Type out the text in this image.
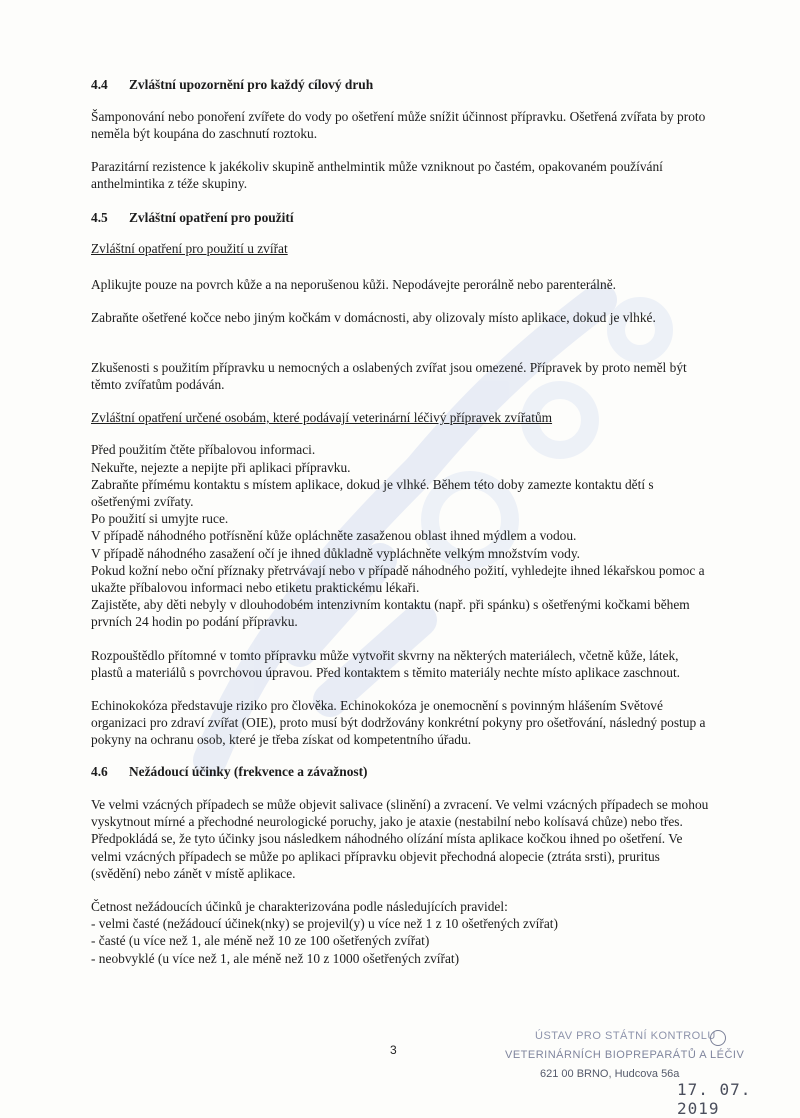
4.4 Zvláštní upozornění pro každý cílový druh

Šamponování nebo ponoření zvířete do vody po ošetření může snížit účinnost přípravku. Ošetřená zvířata by proto neměla být koupána do zaschnutí roztoku.

Parazitární rezistence k jakékoliv skupině anthelmintik může vzniknout po častém, opakovaném používání anthelmintika z téže skupiny.

4.5 Zvláštní opatření pro použití

Zvláštní opatření pro použití u zvířat

Aplikujte pouze na povrch kůže a na neporušenou kůži. Nepodávejte perorálně nebo parenterálně.

Zabraňte ošetřené kočce nebo jiným kočkám v domácnosti, aby olizovaly místo aplikace, dokud je vlhké.

Zkušenosti s použitím přípravku u nemocných a oslabených zvířat jsou omezené. Přípravek by proto neměl být těmto zvířatům podáván.

Zvláštní opatření určené osobám, které podávají veterinární léčivý přípravek zvířatům

Před použitím čtěte příbalovou informaci.
Nekuřte, nejezte a nepijte při aplikaci přípravku.
Zabraňte přímému kontaktu s místem aplikace, dokud je vlhké. Během této doby zamezte kontaktu dětí s ošetřenými zvířaty.
Po použití si umyjte ruce.
V případě náhodného potřísnění kůže opláchněte zasaženou oblast ihned mýdlem a vodou.
V případě náhodného zasažení očí je ihned důkladně vypláchněte velkým množstvím vody.
Pokud kožní nebo oční příznaky přetrvávají nebo v případě náhodného požití, vyhledejte ihned lékařskou pomoc a ukažte příbalovou informaci nebo etiketu praktickému lékaři.
Zajistěte, aby děti nebyly v dlouhodobém intenzivním kontaktu (např. při spánku) s ošetřenými kočkami během prvních 24 hodin po podání přípravku.

Rozpouštědlo přítomné v tomto přípravku může vytvořit skvrny na některých materiálech, včetně kůže, látek, plastů a materiálů s povrchovou úpravou. Před kontaktem s těmito materiály nechte místo aplikace zaschnout.

Echinokokóza představuje riziko pro člověka. Echinokokóza je onemocnění s povinným hlášením Světové organizaci pro zdraví zvířat (OIE), proto musí být dodržovány konkrétní pokyny pro ošetřování, následný postup a pokyny na ochranu osob, které je třeba získat od kompetentního úřadu.

4.6 Nežádoucí účinky (frekvence a závažnost)

Ve velmi vzácných případech se může objevit salivace (slinění) a zvracení. Ve velmi vzácných případech se mohou vyskytnout mírné a přechodné neurologické poruchy, jako je ataxie (nestabilní nebo kolísavá chůze) nebo třes. Předpokládá se, že tyto účinky jsou následkem náhodného olízání místa aplikace kočkou ihned po ošetření. Ve velmi vzácných případech se může po aplikaci přípravku objevit přechodná alopecie (ztráta srsti), pruritus (svědění) nebo zánět v místě aplikace.

Četnost nežádoucích účinků je charakterizována podle následujících pravidel:

- velmi časté (nežádoucí účinek(nky) se projevil(y) u více než 1 z 10 ošetřených zvířat)
- časté (u více než 1, ale méně než 10 ze 100 ošetřených zvířat)
- neobvyklé (u více než 1, ale méně než 10 z 1000 ošetřených zvířat)
3
ÚSTAV PRO STÁTNÍ KONTROLU
VETERINÁRNÍCH BIOPREPARÁTŮ A LÉČIV
621 00 BRNO, Hudcova 56a
17. 07. 2019
